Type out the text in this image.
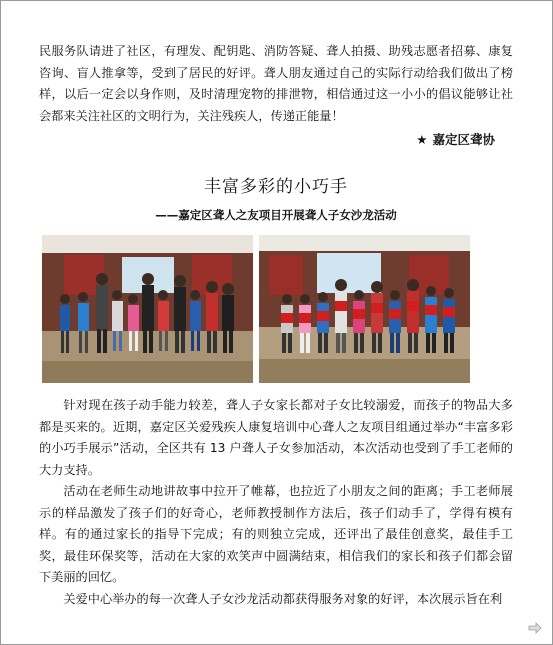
民服务队请进了社区，有理发、配钥匙、消防答疑、聋人拍摄、助残志愿者招募、康复咨询、盲人推拿等，受到了居民的好评。聋人朋友通过自己的实际行动给我们做出了榜样，以后一定会以身作则，及时清理宠物的排泄物，相信通过这一小小的倡议能够让社会都来关注社区的文明行为，关注残疾人，传递正能量！

★ 嘉定区聋协
丰富多彩的小巧手
——嘉定区聋人之友项目开展聋人子女沙龙活动

针对现在孩子动手能力较差，聋人子女家长都对子女比较溺爱，而孩子的物品大多都是买来的。近期，嘉定区关爱残疾人康复培训中心聋人之友项目组通过举办“丰富多彩的小巧手展示”活动，全区共有 13 户聋人子女参加活动，本次活动也受到了手工老师的大力支持。

活动在老师生动地讲故事中拉开了帷幕，也拉近了小朋友之间的距离；手工老师展示的样品激发了孩子们的好奇心，老师教授制作方法后，孩子们动手了，学得有模有样。有的通过家长的指导下完成；有的则独立完成，还评出了最佳创意奖，最佳手工奖，最佳环保奖等，活动在大家的欢笑声中圆满结束，相信我们的家长和孩子们都会留下美丽的回忆。

关爱中心举办的每一次聋人子女沙龙活动都获得服务对象的好评，本次展示旨在利
